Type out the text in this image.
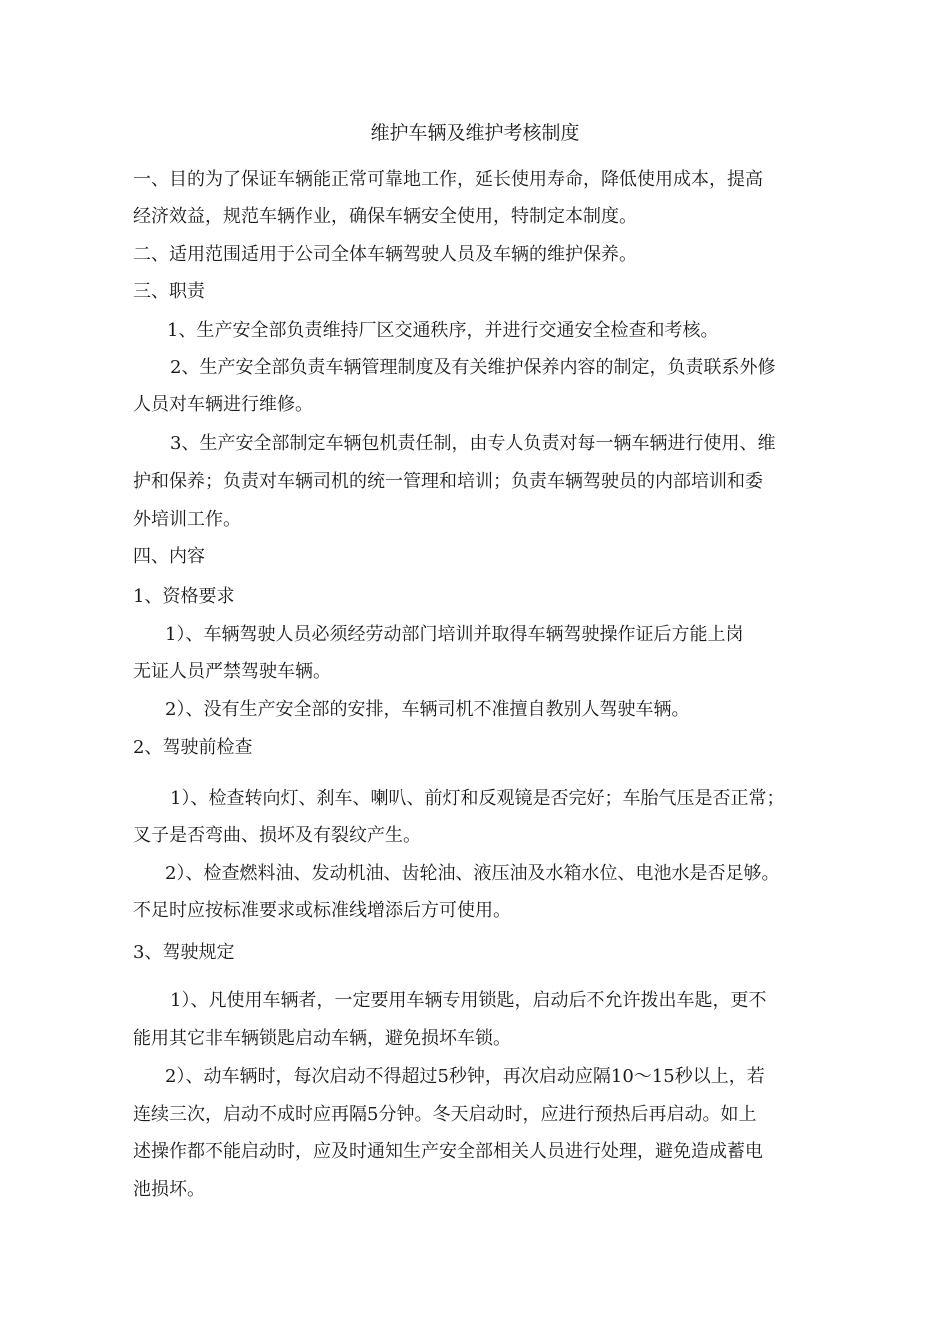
维护车辆及维护考核制度
一、目的为了保证车辆能正常可靠地工作，延长使用寿命，降低使用成本，提高
经济效益，规范车辆作业，确保车辆安全使用，特制定本制度。
二、适用范围适用于公司全体车辆驾驶人员及车辆的维护保养。
三、职责
1、生产安全部负责维持厂区交通秩序，并进行交通安全检查和考核。
2、生产安全部负责车辆管理制度及有关维护保养内容的制定，负责联系外修
人员对车辆进行维修。
3、生产安全部制定车辆包机责任制，由专人负责对每一辆车辆进行使用、维
护和保养；负责对车辆司机的统一管理和培训；负责车辆驾驶员的内部培训和委
外培训工作。
四、内容
1、资格要求
1）、车辆驾驶人员必须经劳动部门培训并取得车辆驾驶操作证后方能上岗
无证人员严禁驾驶车辆。
2）、没有生产安全部的安排，车辆司机不准擅自教别人驾驶车辆。
2、驾驶前检查
1）、检查转向灯、刹车、喇叭、前灯和反观镜是否完好；车胎气压是否正常；
叉子是否弯曲、损坏及有裂纹产生。
2）、检查燃料油、发动机油、齿轮油、液压油及水箱水位、电池水是否足够。
不足时应按标准要求或标准线增添后方可使用。
3、驾驶规定
1）、凡使用车辆者，一定要用车辆专用锁匙，启动后不允许拨出车匙，更不
能用其它非车辆锁匙启动车辆，避免损坏车锁。
2）、动车辆时，每次启动不得超过5秒钟，再次启动应隔10〜15秒以上，若
连续三次，启动不成时应再隔5分钟。冬天启动时，应进行预热后再启动。如上
述操作都不能启动时，应及时通知生产安全部相关人员进行处理，避免造成蓄电
池损坏。
